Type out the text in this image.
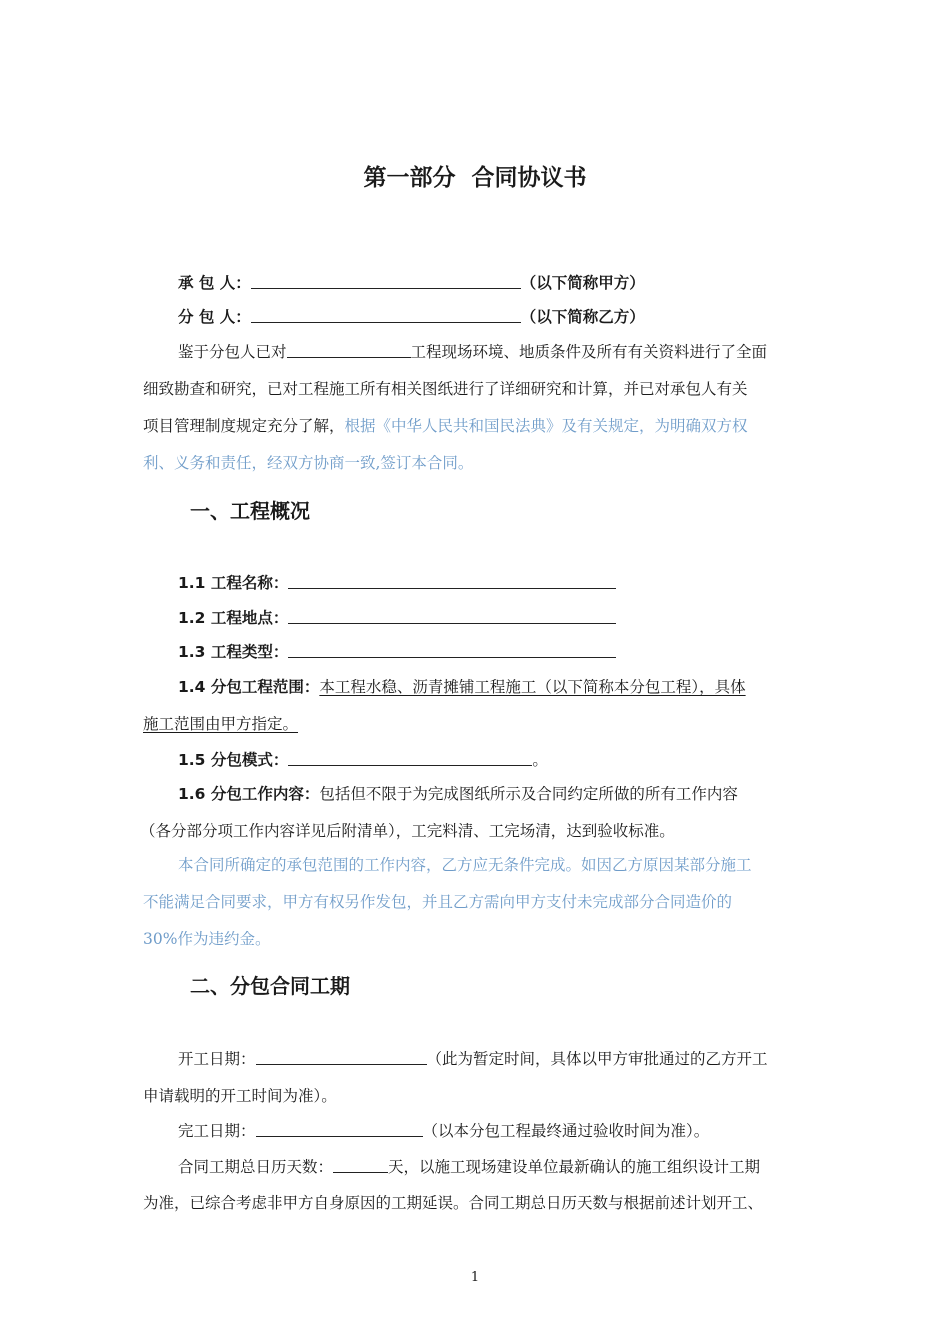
第一部分  合同协议书
承 包 人：	（以下简称甲方）
分 包 人：	（以下简称乙方）
鉴于分包人已对	工程现场环境、地质条件及所有有关资料进行了全面
细致勘查和研究，已对工程施工所有相关图纸进行了详细研究和计算，并已对承包人有关
项目管理制度规定充分了解，根据《中华人民共和国民法典》及有关规定，为明确双方权
利、义务和责任，经双方协商一致,签订本合同。
一、工程概况
1.1 工程名称：
1.2 工程地点：
1.3 工程类型：
1.4 分包工程范围：本工程水稳、沥青摊铺工程施工（以下简称本分包工程），具体
施工范围由甲方指定。
1.5 分包模式：	。
1.6 分包工作内容：包括但不限于为完成图纸所示及合同约定所做的所有工作内容
（各分部分项工作内容详见后附清单），工完料清、工完场清，达到验收标准。
本合同所确定的承包范围的工作内容，乙方应无条件完成。如因乙方原因某部分施工
不能满足合同要求，甲方有权另作发包，并且乙方需向甲方支付未完成部分合同造价的
30%作为违约金。
二、分包合同工期
开工日期：	（此为暂定时间，具体以甲方审批通过的乙方开工
申请载明的开工时间为准）。
完工日期：	（以本分包工程最终通过验收时间为准）。
合同工期总日历天数：	天，以施工现场建设单位最新确认的施工组织设计工期
为准，已综合考虑非甲方自身原因的工期延误。合同工期总日历天数与根据前述计划开工、
1
